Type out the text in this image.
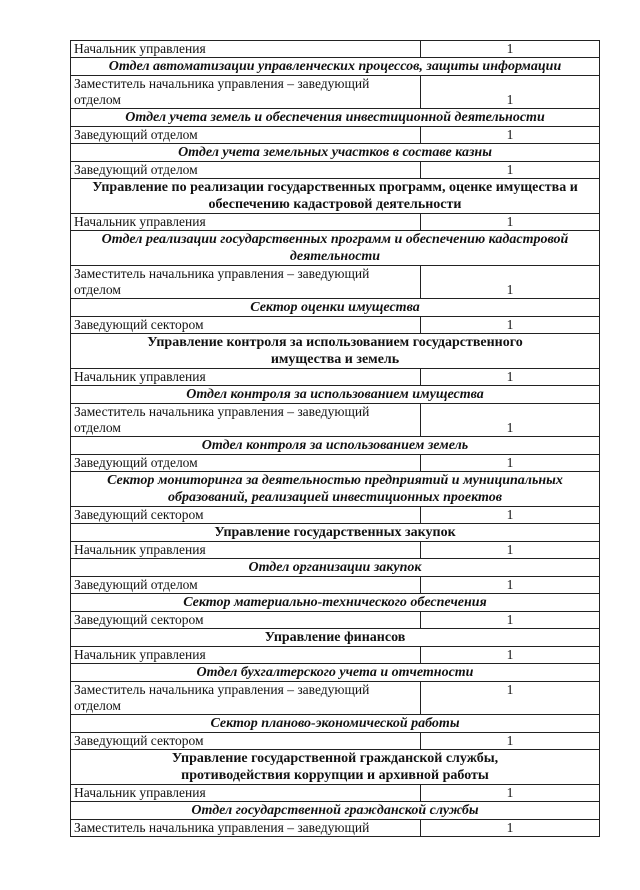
Начальник управления	1
Отдел автоматизации управленческих процессов, защиты информации	

Заместитель начальника управления – заведующий
отделом	1
Отдел учета земель и обеспечения инвестиционной деятельности	

Заведующий отделом	1
Отдел учета земельных участков в составе казны	

Заведующий отделом	1

Управление по реализации государственных программ, оценке имущества и
обеспечению кадастровой деятельности	

Начальник управления	1

Отдел реализации государственных программ и обеспечению кадастровой
деятельности	

Заместитель начальника управления – заведующий
отделом	1
Сектор оценки имущества	

Заведующий сектором	1

Управление контроля за использованием государственного
имущества и земель	

Начальник управления	1
Отдел контроля за использованием имущества	

Заместитель начальника управления – заведующий
отделом	1
Отдел контроля за использованием земель	

Заведующий отделом	1

Сектор мониторинга за деятельностью предприятий и муниципальных
образований, реализацией инвестиционных проектов	

Заведующий сектором	1

Управление государственных закупок	

Начальник управления	1
Отдел организации закупок	

Заведующий отделом	1
Сектор материально-технического обеспечения	

Заведующий сектором	1

Управление финансов	

Начальник управления	1
Отдел бухгалтерского учета и отчетности	

Заместитель начальника управления – заведующий
отделом	1
Сектор планово-экономической работы	

Заведующий сектором	1

Управление государственной гражданской службы,
противодействия коррупции и архивной работы	

Начальник управления	1
Отдел государственной гражданской службы	

Заместитель начальника управления – заведующий	1
